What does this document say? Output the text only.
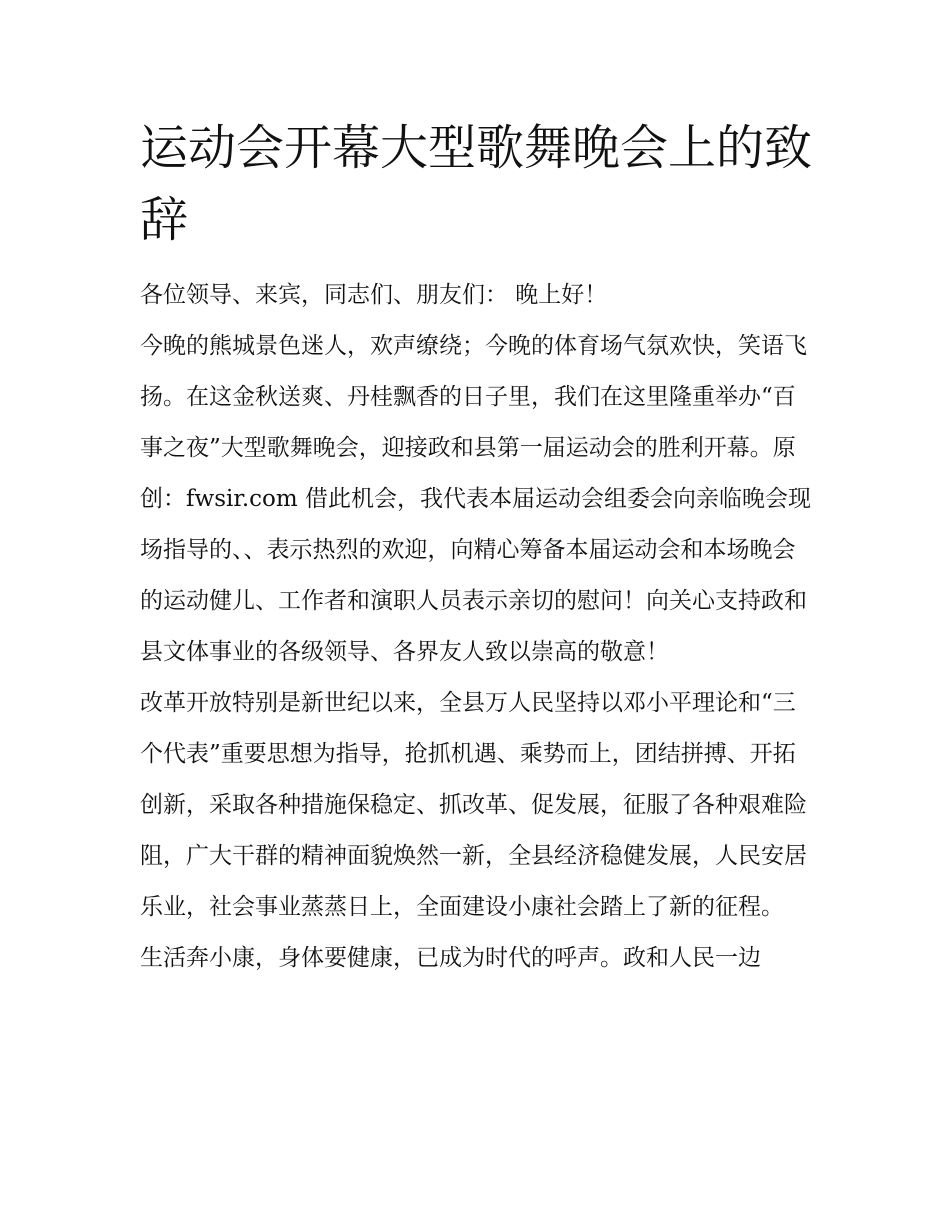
运动会开幕大型歌舞晚会上的致辞

各位领导、来宾，同志们、朋友们： 晚上好！

今晚的熊城景色迷人，欢声缭绕；今晚的体育场气氛欢快，笑语飞扬。在这金秋送爽、丹桂飘香的日子里，我们在这里隆重举办“百事之夜”大型歌舞晚会，迎接政和县第一届运动会的胜利开幕。原创：fwsir.com 借此机会，我代表本届运动会组委会向亲临晚会现场指导的、、表示热烈的欢迎，向精心筹备本届运动会和本场晚会的运动健儿、工作者和演职人员表示亲切的慰问！向关心支持政和县文体事业的各级领导、各界友人致以崇高的敬意！

改革开放特别是新世纪以来，全县万人民坚持以邓小平理论和“三个代表”重要思想为指导，抢抓机遇、乘势而上，团结拼搏、开拓创新，采取各种措施保稳定、抓改革、促发展，征服了各种艰难险阻，广大干群的精神面貌焕然一新，全县经济稳健发展，人民安居乐业，社会事业蒸蒸日上，全面建设小康社会踏上了新的征程。

生活奔小康，身体要健康，已成为时代的呼声。政和人民一边
